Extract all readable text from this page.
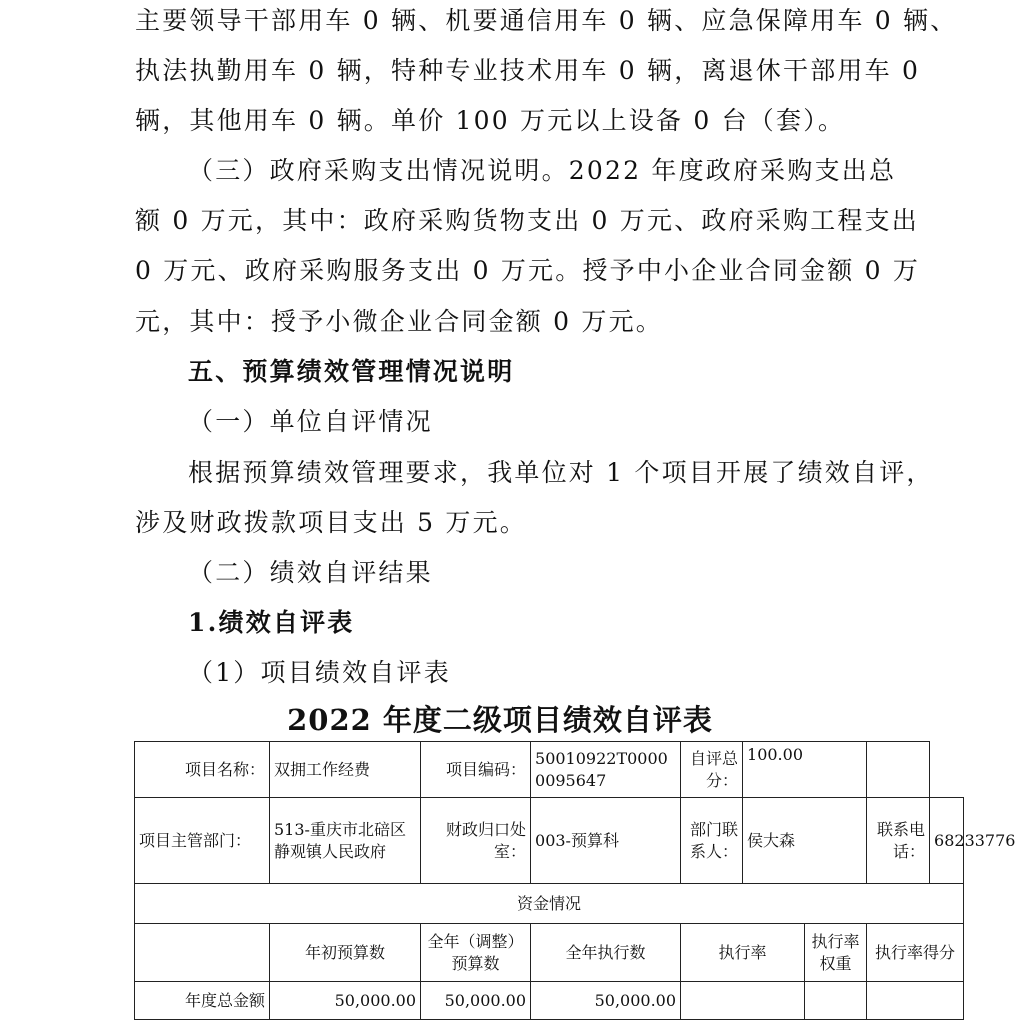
主要领导干部用车 0 辆、机要通信用车 0 辆、应急保障用车 0 辆、
执法执勤用车 0 辆，特种专业技术用车 0 辆，离退休干部用车 0
辆，其他用车 0 辆。单价 100 万元以上设备 0 台（套）。
（三）政府采购支出情况说明。2022 年度政府采购支出总
额 0 万元，其中：政府采购货物支出 0 万元、政府采购工程支出
0 万元、政府采购服务支出 0 万元。授予中小企业合同金额 0 万
元，其中：授予小微企业合同金额 0 万元。
五、预算绩效管理情况说明
（一）单位自评情况
根据预算绩效管理要求，我单位对 1 个项目开展了绩效自评，
涉及财政拨款项目支出 5 万元。
（二）绩效自评结果
1.绩效自评表
（1）项目绩效自评表
2022 年度二级项目绩效自评表
项目名称：	双拥工作经费	项目编码：	50010922T00000095647	自评总分：	100.00			
项目主管部门：	513-重庆市北碚区静观镇人民政府	财政归口处室：	003-预算科	部门联系人：	侯大森		联系电话：	68233776
资金情况								
	年初预算数	全年（调整）预算数	全年执行数	执行率		执行率权重	执行率得分	
年度总金额	50,000.00	50,000.00	50,000.00					
